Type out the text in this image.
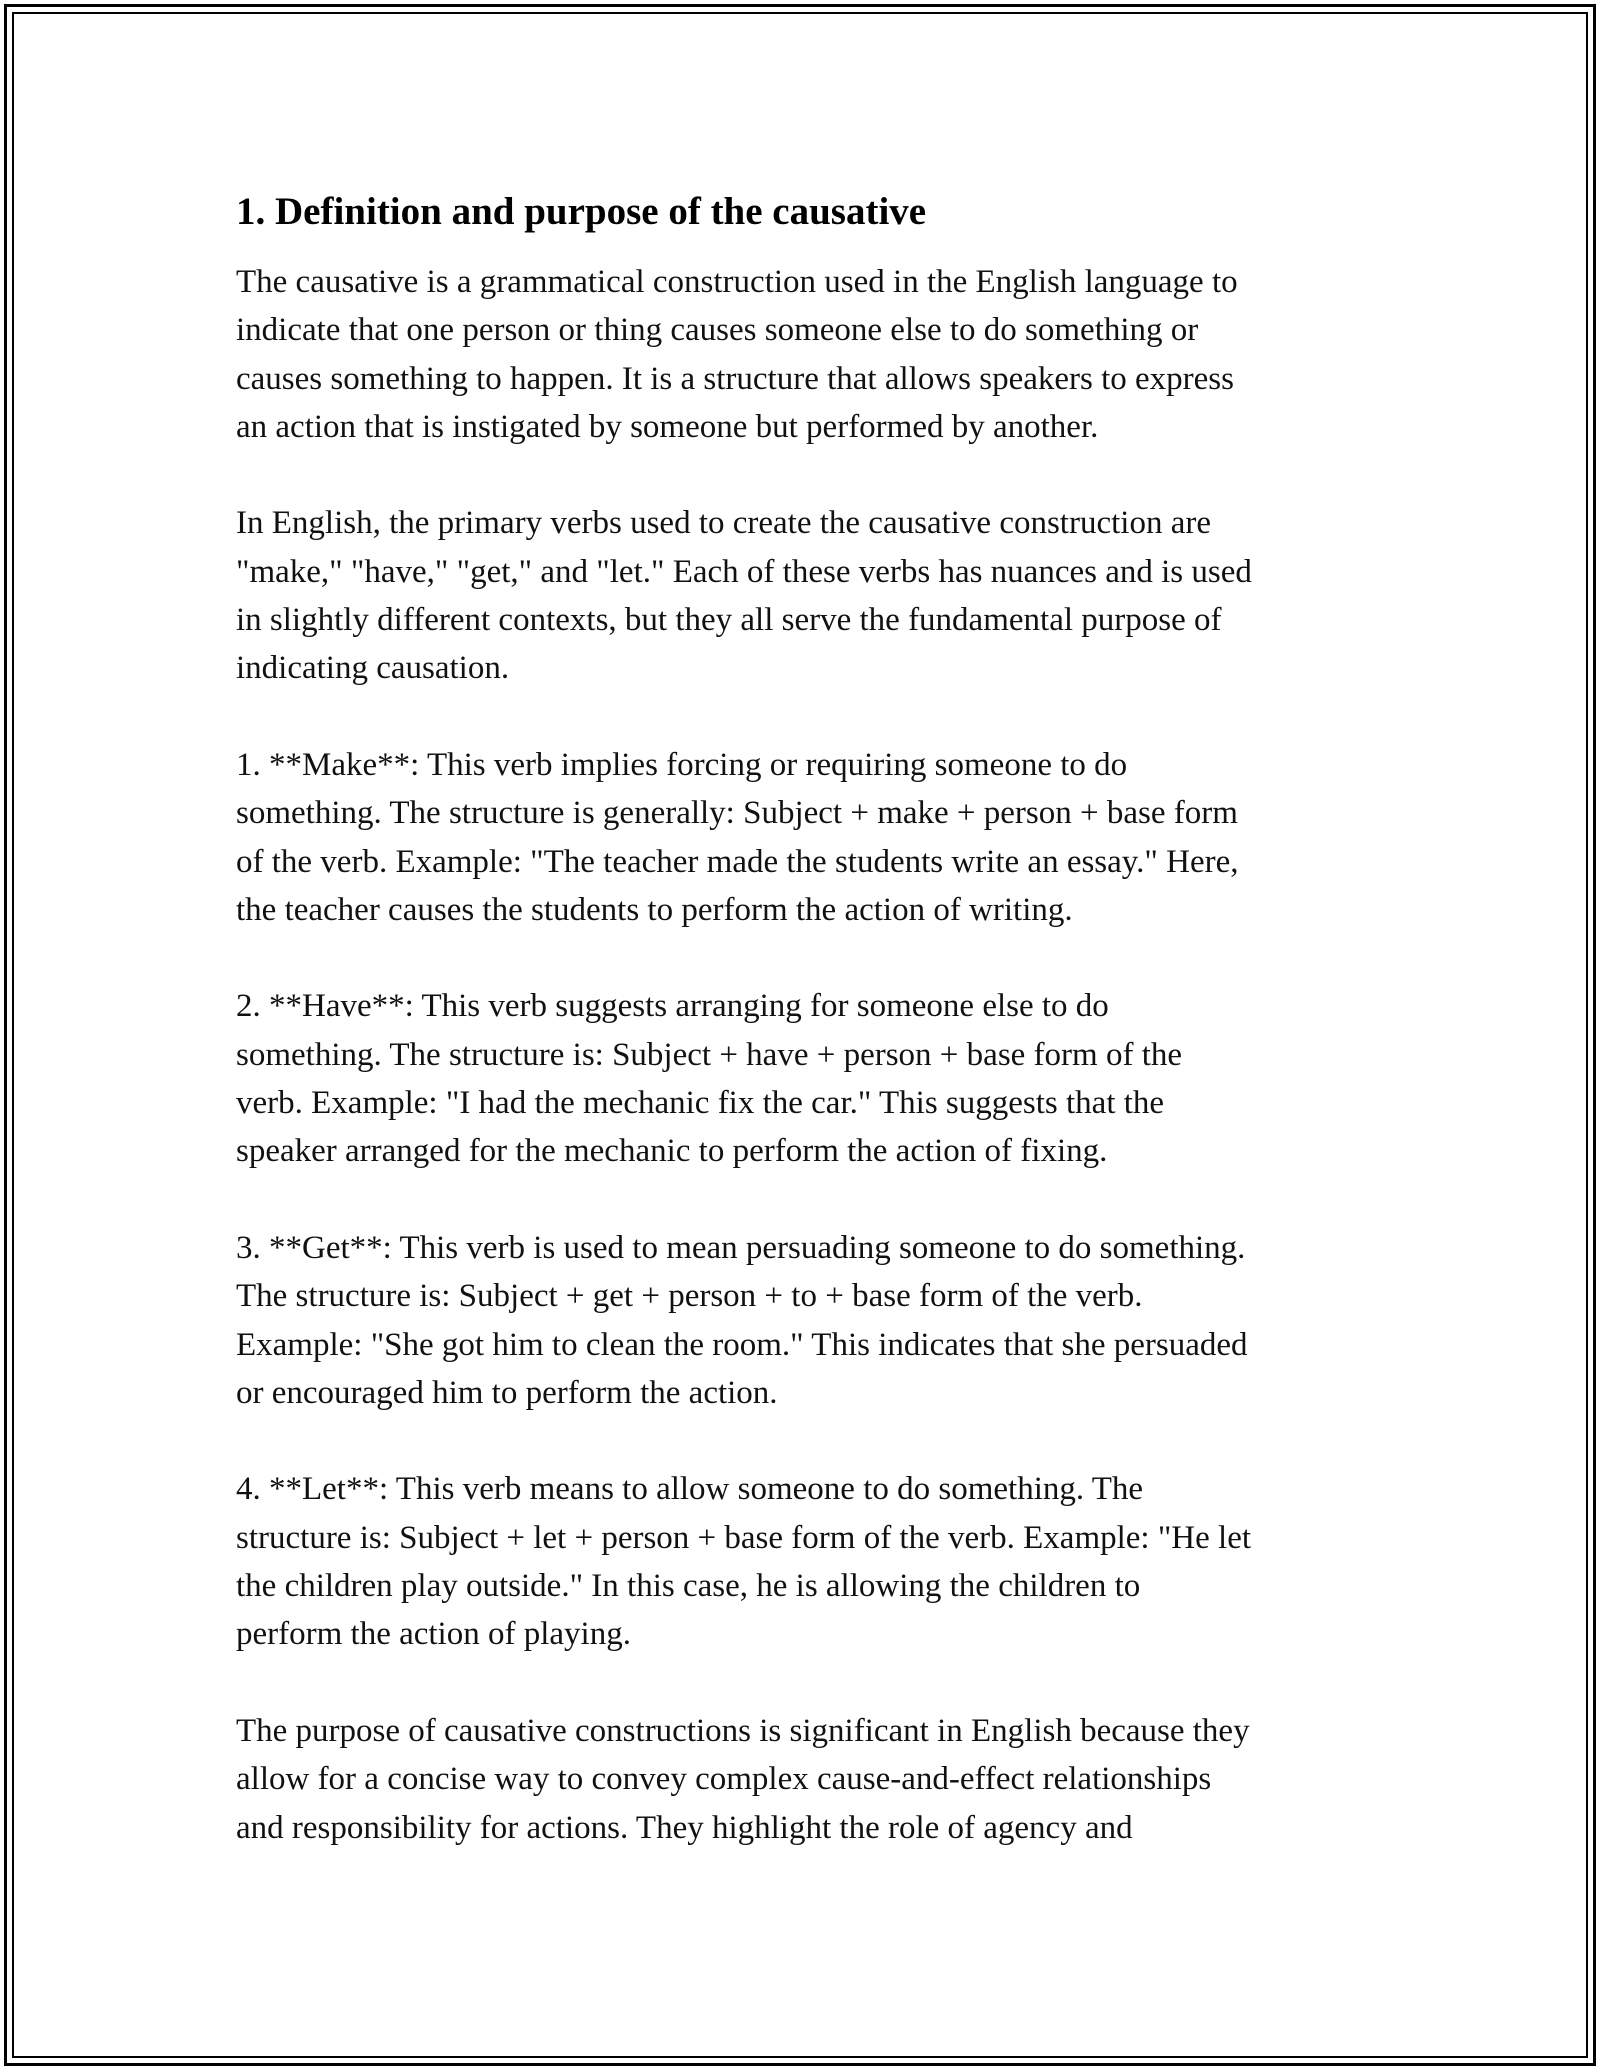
1. Definition and purpose of the causative

The causative is a grammatical construction used in the English language to
indicate that one person or thing causes someone else to do something or
causes something to happen. It is a structure that allows speakers to express
an action that is instigated by someone but performed by another.

In English, the primary verbs used to create the causative construction are
"make," "have," "get," and "let." Each of these verbs has nuances and is used
in slightly different contexts, but they all serve the fundamental purpose of
indicating causation.

1. **Make**: This verb implies forcing or requiring someone to do
something. The structure is generally: Subject + make + person + base form
of the verb. Example: "The teacher made the students write an essay." Here,
the teacher causes the students to perform the action of writing.

2. **Have**: This verb suggests arranging for someone else to do
something. The structure is: Subject + have + person + base form of the
verb. Example: "I had the mechanic fix the car." This suggests that the
speaker arranged for the mechanic to perform the action of fixing.

3. **Get**: This verb is used to mean persuading someone to do something.
The structure is: Subject + get + person + to + base form of the verb.
Example: "She got him to clean the room." This indicates that she persuaded
or encouraged him to perform the action.

4. **Let**: This verb means to allow someone to do something. The
structure is: Subject + let + person + base form of the verb. Example: "He let
the children play outside." In this case, he is allowing the children to
perform the action of playing.

The purpose of causative constructions is significant in English because they
allow for a concise way to convey complex cause-and-effect relationships
and responsibility for actions. They highlight the role of agency and
